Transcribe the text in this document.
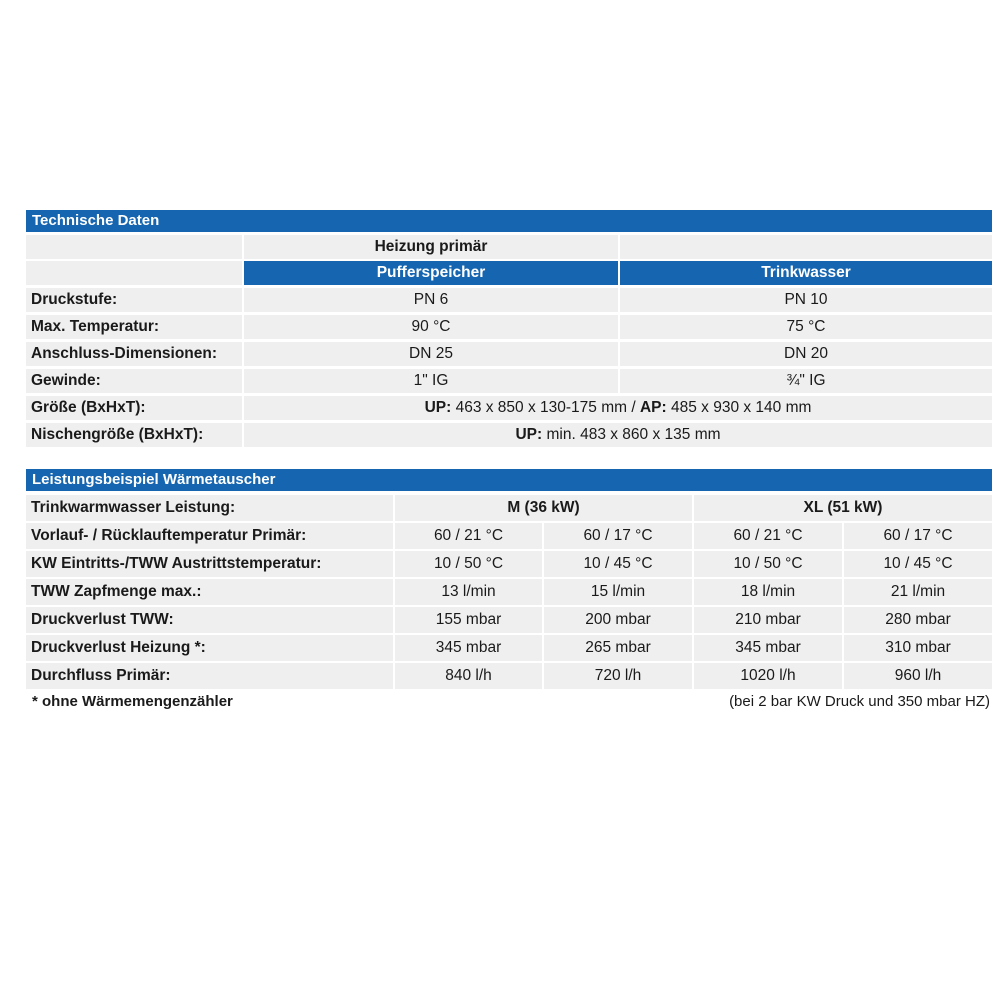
Technische Daten
Heizung primär
Pufferspeicher	Trinkwasser
Druckstufe:	PN 6	PN 10
Max. Temperatur:	90 °C	75 °C
Anschluss-Dimensionen:	DN 25	DN 20
Gewinde:	1" IG	¾" IG
Größe (BxHxT):	UP: 463 x 850 x 130-175 mm / AP: 485 x 930 x 140 mm
Nischengröße (BxHxT):	UP: min. 483 x 860 x 135 mm
Leistungsbeispiel Wärmetauscher
Trinkwarmwasser Leistung:	M (36 kW)	XL (51 kW)
Vorlauf- / Rücklauftemperatur Primär:	60 / 21 °C	60 / 17 °C	60 / 21 °C	60 / 17 °C
KW Eintritts-/TWW Austrittstemperatur:	10 / 50 °C	10 / 45 °C	10 / 50 °C	10 / 45 °C
TWW Zapfmenge max.:	13 l/min	15 l/min	18 l/min	21 l/min
Druckverlust TWW:	155 mbar	200 mbar	210 mbar	280 mbar
Druckverlust Heizung *:	345 mbar	265 mbar	345 mbar	310 mbar
Durchfluss Primär:	840 l/h	720 l/h	1020 l/h	960 l/h
* ohne Wärmemengenzähler	(bei 2 bar KW Druck und 350 mbar HZ)
